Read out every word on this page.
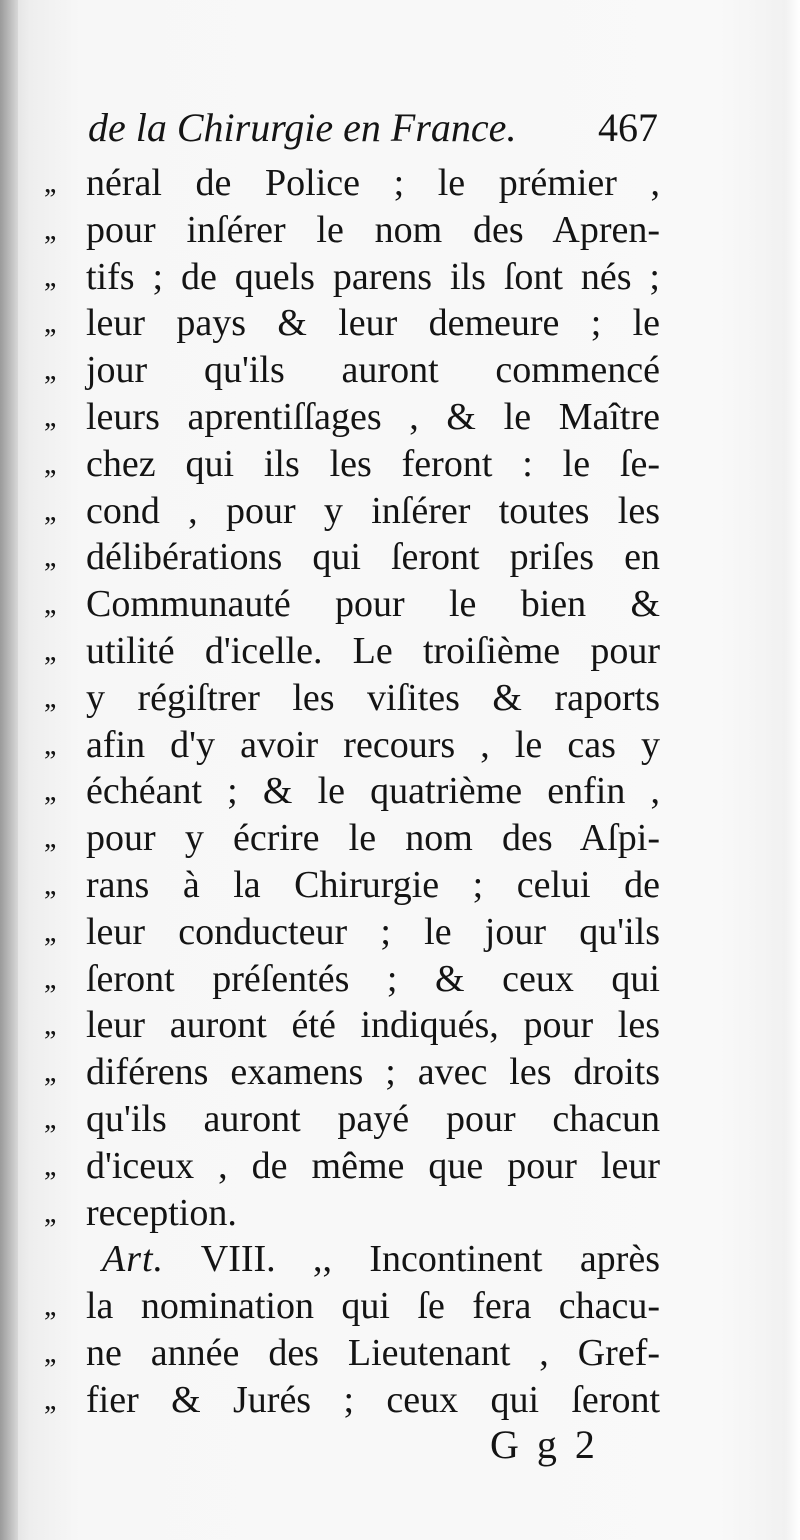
de la Chirurgie en France. 467
,, néral de Police ; le prémier ,
,, pour inſérer le nom des Apren-
,, tifs ; de quels parens ils ſont nés ;
,, leur pays & leur demeure ; le
,, jour qu'ils auront commencé
,, leurs aprentiſſages , & le Maître
,, chez qui ils les feront : le ſe-
,, cond , pour y inſérer toutes les
,, délibérations qui ſeront priſes en
,, Communauté pour le bien &
,, utilité d'icelle. Le troiſième pour
,, y régiſtrer les viſites & raports
,, afin d'y avoir recours , le cas y
,, échéant ; & le quatrième enfin ,
,, pour y écrire le nom des Aſpi-
,, rans à la Chirurgie ; celui de
,, leur conducteur ; le jour qu'ils
,, ſeront préſentés ; & ceux qui
,, leur auront été indiqués, pour les
,, diférens examens ; avec les droits
,, qu'ils auront payé pour chacun
,, d'iceux , de même que pour leur
,, reception.
Art. VIII. ,, Incontinent après
,, la nomination qui ſe fera chacu-
,, ne année des Lieutenant , Gref-
,, fier & Jurés ; ceux qui ſeront
G g 2
